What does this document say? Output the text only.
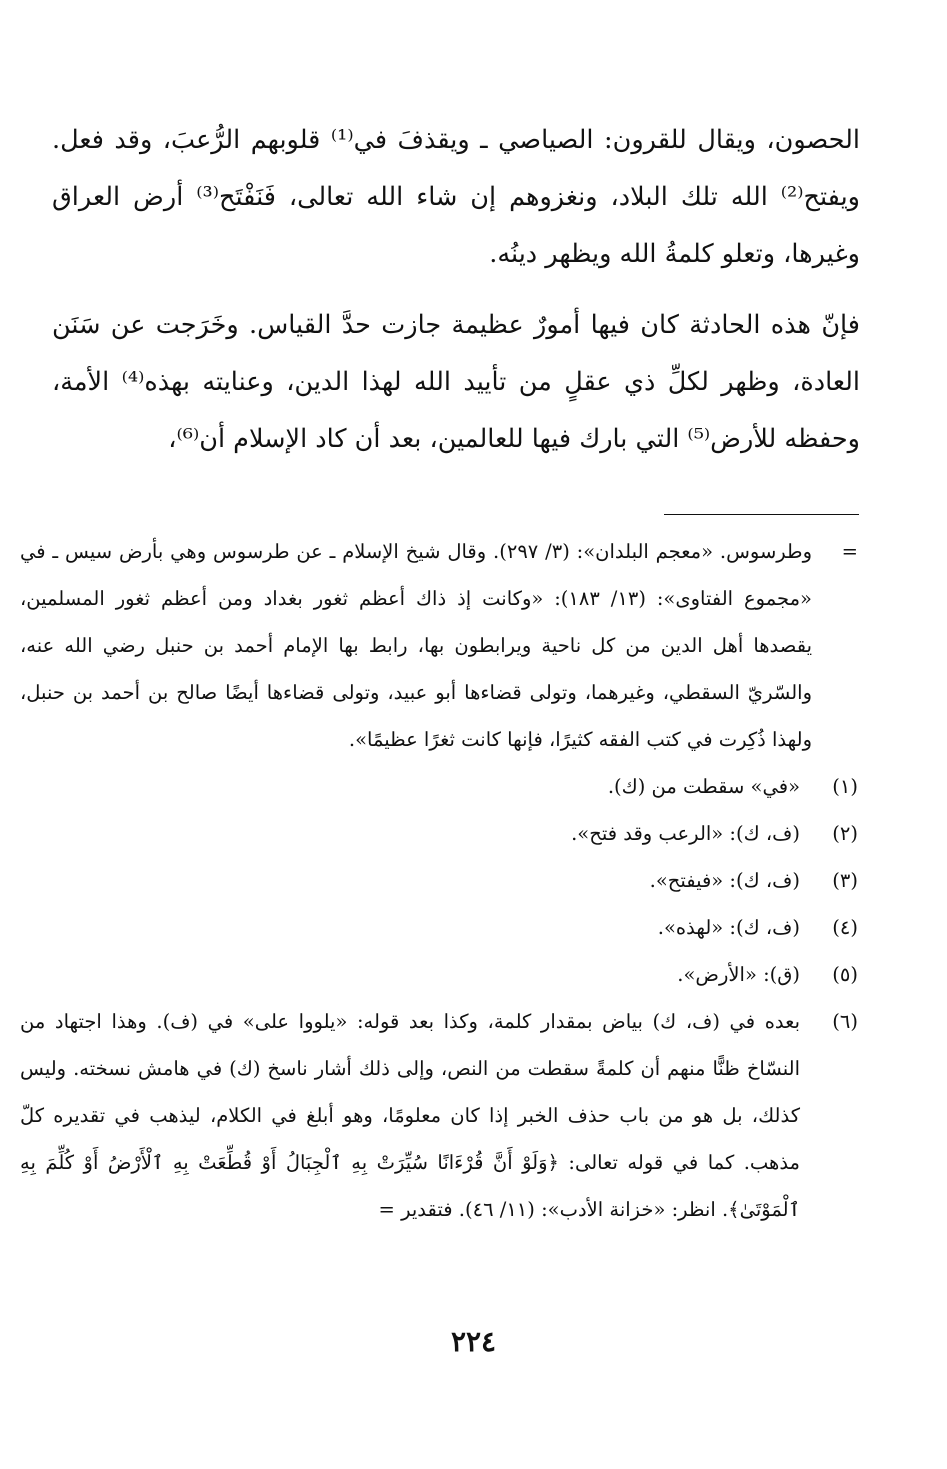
الحصون، ويقال للقرون: الصياصي ـ ويقذفَ في⁽¹⁾ قلوبهم الرُّعبَ، وقد فعل. ويفتح⁽²⁾ الله تلك البلاد، ونغزوهم إن شاء الله تعالى، فَنَفْتَح⁽³⁾ أرض العراق وغيرها، وتعلو كلمةُ الله ويظهر دينُه.

فإنّ هذه الحادثة كان فيها أمورٌ عظيمة جازت حدَّ القياس. وخَرَجت عن سَنَن العادة، وظهر لكلِّ ذي عقلٍ من تأييد الله لهذا الدين، وعنايته بهذه⁽⁴⁾ الأمة، وحفظه للأرض⁽⁵⁾ التي بارك فيها للعالمين، بعد أن كاد الإسلام أن⁽⁶⁾،

=
وطرسوس. «معجم البلدان»: (٣/ ٢٩٧). وقال شيخ الإسلام ـ عن طرسوس وهي بأرض سيس ـ في «مجموع الفتاوى»: (١٣/ ١٨٣): «وكانت إذ ذاك أعظم ثغور بغداد ومن أعظم ثغور المسلمين، يقصدها أهل الدين من كل ناحية ويرابطون بها، رابط بها الإمام أحمد بن حنبل رضي الله عنه، والسّريّ السقطي، وغيرهما، وتولى قضاءها أبو عبيد، وتولى قضاءها أيضًا صالح بن أحمد بن حنبل، ولهذا ذُكِرت في كتب الفقه كثيرًا، فإنها كانت ثغرًا عظيمًا».
(١)
«في» سقطت من (ك).
(٢)
(ف، ك): «الرعب وقد فتح».
(٣)
(ف، ك): «فيفتح».
(٤)
(ف، ك): «لهذه».
(٥)
(ق): «الأرض».
(٦)
بعده في (ف، ك) بياض بمقدار كلمة، وكذا بعد قوله: «يلووا على» في (ف). وهذا اجتهاد من النسّاخ ظنًّا منهم أن كلمةً سقطت من النص، وإلى ذلك أشار ناسخ (ك) في هامش نسخته. وليس كذلك، بل هو من باب حذف الخبر إذا كان معلومًا، وهو أبلغ في الكلام، ليذهب في تقديره كلّ مذهب. كما في قوله تعالى: ﴿وَلَوْ أَنَّ قُرْءَانًا سُيِّرَتْ بِهِ ٱلْجِبَالُ أَوْ قُطِّعَتْ بِهِ ٱلْأَرْضُ أَوْ كُلِّمَ بِهِ ٱلْمَوْتَىٰ﴾. انظر: «خزانة الأدب»: (١١/ ٤٦). فتقدير =
٢٢٤
